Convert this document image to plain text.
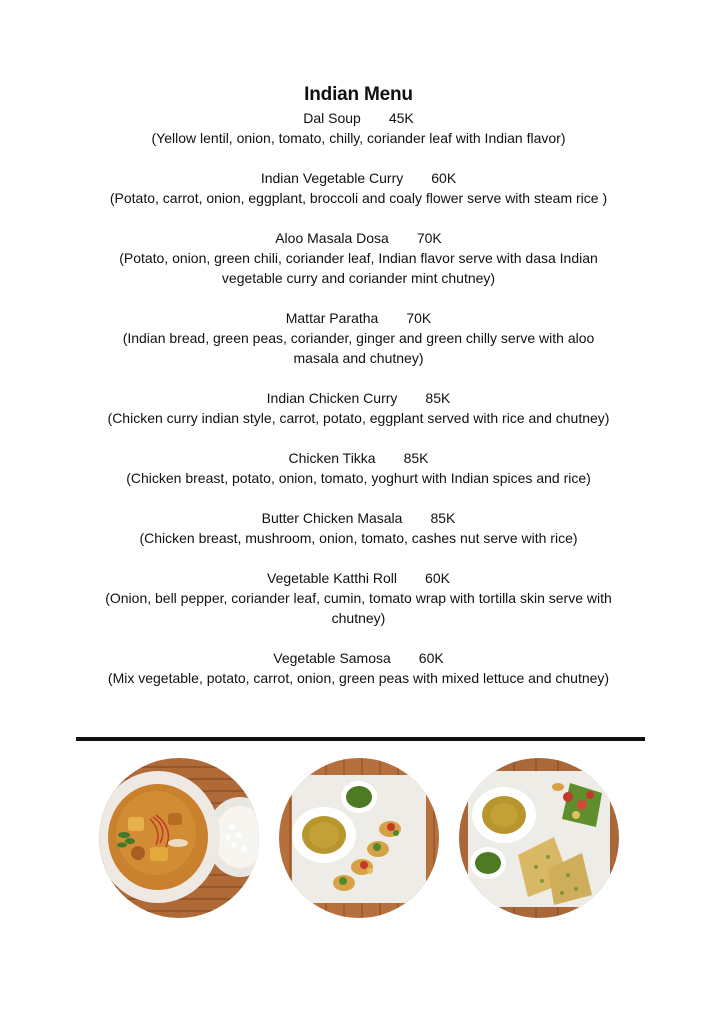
Indian Menu
Dal Soup 45K
(Yellow lentil, onion, tomato, chilly, coriander leaf with Indian flavor)
Indian Vegetable Curry 60K
(Potato, carrot, onion, eggplant, broccoli and coaly flower serve with steam rice )
Aloo Masala Dosa 70K
(Potato, onion, green chili, coriander leaf, Indian flavor serve with dasa Indian vegetable curry and coriander mint chutney)
Mattar Paratha 70K
(Indian bread, green peas, coriander, ginger and green chilly serve with aloo masala and chutney)
Indian Chicken Curry 85K
(Chicken curry indian style, carrot, potato, eggplant served with rice and chutney)
Chicken Tikka 85K
(Chicken breast, potato, onion, tomato, yoghurt with Indian spices and rice)
Butter Chicken Masala 85K
(Chicken breast, mushroom, onion, tomato, cashes nut serve with rice)
Vegetable Katthi Roll 60K
(Onion, bell pepper, coriander leaf, cumin, tomato wrap with tortilla skin serve with chutney)
Vegetable Samosa 60K
(Mix vegetable, potato, carrot, onion, green peas with mixed lettuce and chutney)
